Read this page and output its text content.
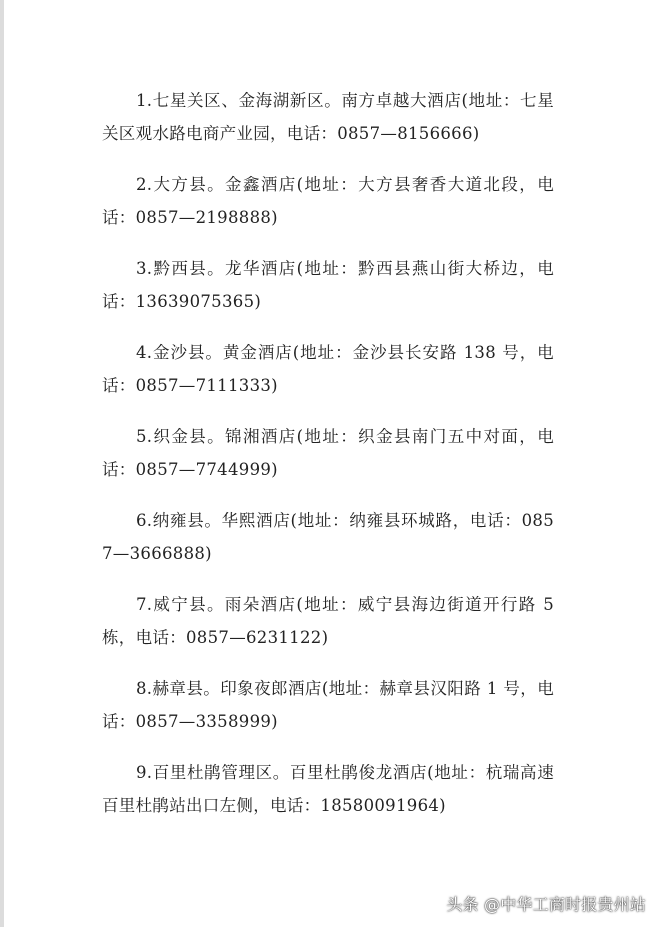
1.七星关区、金海湖新区。南方卓越大酒店(地址：七星关区观水路电商产业园，电话：0857—8156666)

2.大方县。金鑫酒店(地址：大方县奢香大道北段，电话：0857—2198888)

3.黔西县。龙华酒店(地址：黔西县燕山街大桥边，电话：13639075365)

4.金沙县。黄金酒店(地址：金沙县长安路 138 号，电话：0857—7111333)

5.织金县。锦湘酒店(地址：织金县南门五中对面，电话：0857—7744999)

6.纳雍县。华熙酒店(地址：纳雍县环城路，电话：0857—3666888)

7.威宁县。雨朵酒店(地址：威宁县海边街道开行路 5 栋，电话：0857—6231122)

8.赫章县。印象夜郎酒店(地址：赫章县汉阳路 1 号，电话：0857—3358999)

9.百里杜鹃管理区。百里杜鹃俊龙酒店(地址：杭瑞高速百里杜鹃站出口左侧，电话：18580091964)

头条 @中华工商时报贵州站
